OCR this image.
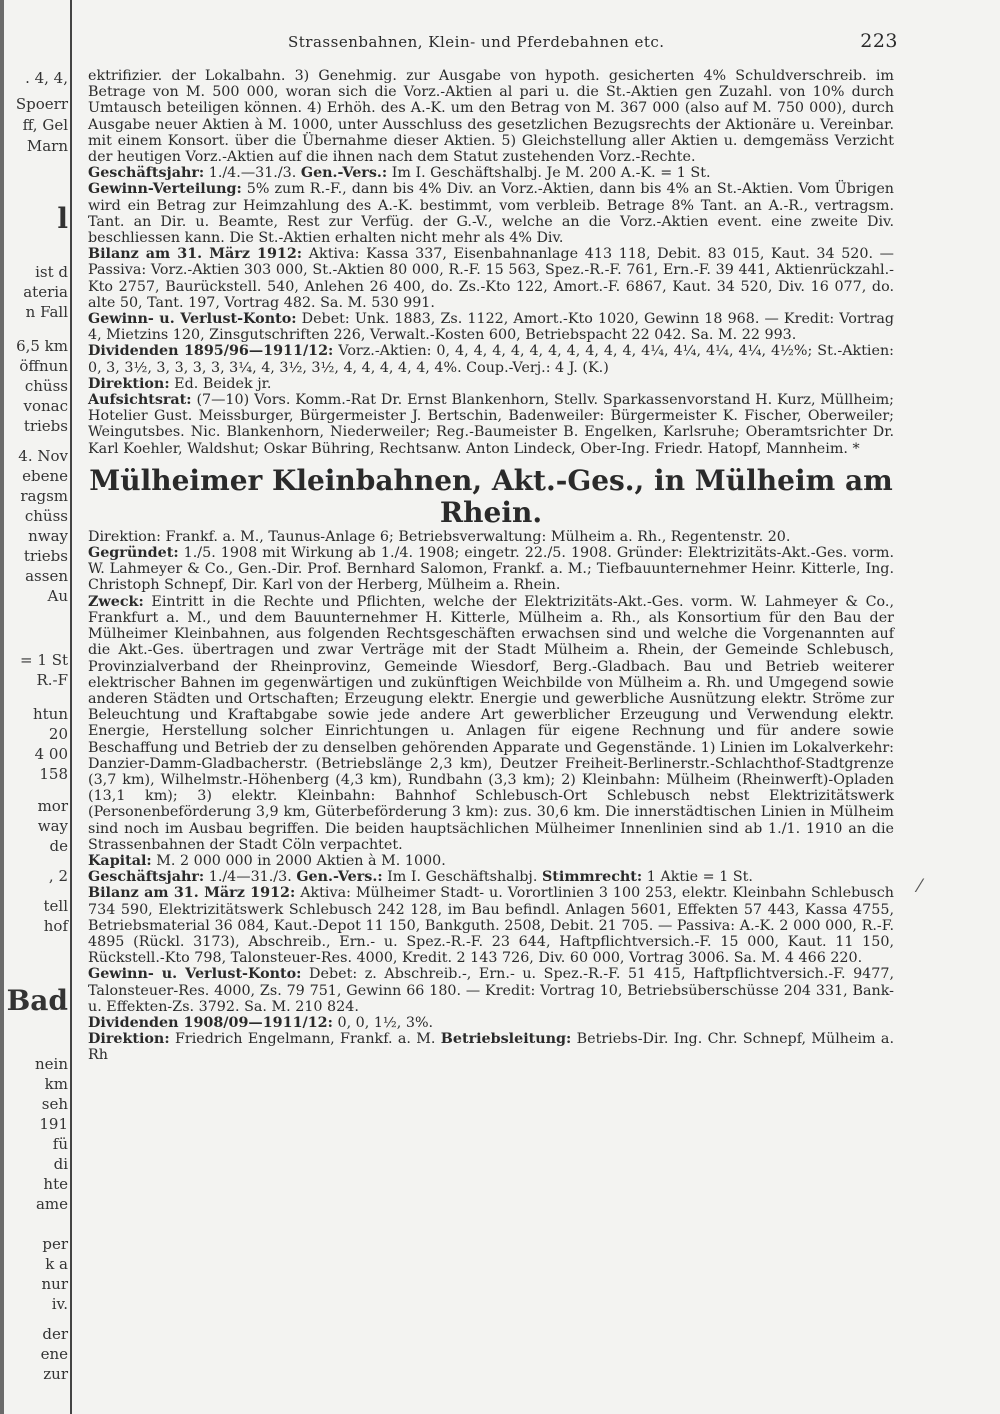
. 4, 4,
Spoerr
ff, Gel
Marn
l
ist d
ateria
n Fall
6,5 km
öffnun
chüss
vonac
triebs
4. Nov
ebene
ragsm
chüss
nway
triebs
assen
Au
= 1 St
R.-F
htun
20
4 00
158
mor
way
de
, 2
tell
hof
Bad
nein
km
seh
191
fü
di
hte
ame
per
k a
nur
iv.
der
ene
zur
Strassenbahnen, Klein- und Pferdebahnen etc.	223

ektrifizier. der Lokalbahn. 3) Genehmig. zur Ausgabe von hypoth. gesicherten 4% Schuldverschreib. im Betrage von M. 500 000, woran sich die Vorz.-Aktien al pari u. die St.-Aktien gen Zuzahl. von 10% durch Umtausch beteiligen können. 4) Erhöh. des A.-K. um den Betrag von M. 367 000 (also auf M. 750 000), durch Ausgabe neuer Aktien à M. 1000, unter Ausschluss des gesetzlichen Bezugsrechts der Aktionäre u. Vereinbar. mit einem Konsort. über die Übernahme dieser Aktien. 5) Gleichstellung aller Aktien u. demgemäss Verzicht der heutigen Vorz.-Aktien auf die ihnen nach dem Statut zustehenden Vorz.-Rechte.

Geschäftsjahr: 1./4.—31./3. Gen.-Vers.: Im I. Geschäftshalbj. Je M. 200 A.-K. = 1 St.

Gewinn-Verteilung: 5% zum R.-F., dann bis 4% Div. an Vorz.-Aktien, dann bis 4% an St.-Aktien. Vom Übrigen wird ein Betrag zur Heimzahlung des A.-K. bestimmt, vom verbleib. Betrage 8% Tant. an A.-R., vertragsm. Tant. an Dir. u. Beamte, Rest zur Verfüg. der G.-V., welche an die Vorz.-Aktien event. eine zweite Div. beschliessen kann. Die St.-Aktien erhalten nicht mehr als 4% Div.

Bilanz am 31. März 1912: Aktiva: Kassa 337, Eisenbahnanlage 413 118, Debit. 83 015, Kaut. 34 520. — Passiva: Vorz.-Aktien 303 000, St.-Aktien 80 000, R.-F. 15 563, Spez.-R.-F. 761, Ern.-F. 39 441, Aktienrückzahl.-Kto 2757, Baurückstell. 540, Anlehen 26 400, do. Zs.-Kto 122, Amort.-F. 6867, Kaut. 34 520, Div. 16 077, do. alte 50, Tant. 197, Vortrag 482. Sa. M. 530 991.

Gewinn- u. Verlust-Konto: Debet: Unk. 1883, Zs. 1122, Amort.-Kto 1020, Gewinn 18 968. — Kredit: Vortrag 4, Mietzins 120, Zinsgutschriften 226, Verwalt.-Kosten 600, Betriebspacht 22 042. Sa. M. 22 993.

Dividenden 1895/96—1911/12: Vorz.-Aktien: 0, 4, 4, 4, 4, 4, 4, 4, 4, 4, 4, 4¼, 4¼, 4¼, 4¼, 4½%; St.-Aktien: 0, 3, 3½, 3, 3, 3, 3, 3¼, 4, 3½, 3½, 4, 4, 4, 4, 4, 4%. Coup.-Verj.: 4 J. (K.)

Direktion: Ed. Beidek jr.

Aufsichtsrat: (7—10) Vors. Komm.-Rat Dr. Ernst Blankenhorn, Stellv. Sparkassenvorstand H. Kurz, Müllheim; Hotelier Gust. Meissburger, Bürgermeister J. Bertschin, Badenweiler: Bürgermeister K. Fischer, Oberweiler; Weingutsbes. Nic. Blankenhorn, Niederweiler; Reg.-Baumeister B. Engelken, Karlsruhe; Oberamtsrichter Dr. Karl Koehler, Waldshut; Oskar Bühring, Rechtsanw. Anton Lindeck, Ober-Ing. Friedr. Hatopf, Mannheim. *

Mülheimer Kleinbahnen, Akt.-Ges., in Mülheim am Rhein.

Direktion: Frankf. a. M., Taunus-Anlage 6; Betriebsverwaltung: Mülheim a. Rh., Regentenstr. 20.

Gegründet: 1./5. 1908 mit Wirkung ab 1./4. 1908; eingetr. 22./5. 1908. Gründer: Elektrizitäts-Akt.-Ges. vorm. W. Lahmeyer & Co., Gen.-Dir. Prof. Bernhard Salomon, Frankf. a. M.; Tiefbauunternehmer Heinr. Kitterle, Ing. Christoph Schnepf, Dir. Karl von der Herberg, Mülheim a. Rhein.

Zweck: Eintritt in die Rechte und Pflichten, welche der Elektrizitäts-Akt.-Ges. vorm. W. Lahmeyer & Co., Frankfurt a. M., und dem Bauunternehmer H. Kitterle, Mülheim a. Rh., als Konsortium für den Bau der Mülheimer Kleinbahnen, aus folgenden Rechtsgeschäften erwachsen sind und welche die Vorgenannten auf die Akt.-Ges. übertragen und zwar Verträge mit der Stadt Mülheim a. Rhein, der Gemeinde Schlebusch, Provinzialverband der Rheinprovinz, Gemeinde Wiesdorf, Berg.-Gladbach. Bau und Betrieb weiterer elektrischer Bahnen im gegenwärtigen und zukünftigen Weichbilde von Mülheim a. Rh. und Umgegend sowie anderen Städten und Ortschaften; Erzeugung elektr. Energie und gewerbliche Ausnützung elektr. Ströme zur Beleuchtung und Kraftabgabe sowie jede andere Art gewerblicher Erzeugung und Verwendung elektr. Energie, Herstellung solcher Einrichtungen u. Anlagen für eigene Rechnung und für andere sowie Beschaffung und Betrieb der zu denselben gehörenden Apparate und Gegenstände. 1) Linien im Lokalverkehr: Danzier-Damm-Gladbacherstr. (Betriebslänge 2,3 km), Deutzer Freiheit-Berlinerstr.-Schlachthof-Stadtgrenze (3,7 km), Wilhelmstr.-Höhenberg (4,3 km), Rundbahn (3,3 km); 2) Kleinbahn: Mülheim (Rheinwerft)-Opladen (13,1 km); 3) elektr. Kleinbahn: Bahnhof Schlebusch-Ort Schlebusch nebst Elektrizitätswerk (Personenbeförderung 3,9 km, Güterbeförderung 3 km): zus. 30,6 km. Die innerstädtischen Linien in Mülheim sind noch im Ausbau begriffen. Die beiden hauptsächlichen Mülheimer Innenlinien sind ab 1./1. 1910 an die Strassenbahnen der Stadt Cöln verpachtet.

Kapital: M. 2 000 000 in 2000 Aktien à M. 1000.

Geschäftsjahr: 1./4—31./3. Gen.-Vers.: Im I. Geschäftshalbj. Stimmrecht: 1 Aktie = 1 St.

Bilanz am 31. März 1912: Aktiva: Mülheimer Stadt- u. Vorortlinien 3 100 253, elektr. Kleinbahn Schlebusch 734 590, Elektrizitätswerk Schlebusch 242 128, im Bau befindl. Anlagen 5601, Effekten 57 443, Kassa 4755, Betriebsmaterial 36 084, Kaut.-Depot 11 150, Bankguth. 2508, Debit. 21 705. — Passiva: A.-K. 2 000 000, R.-F. 4895 (Rückl. 3173), Abschreib., Ern.- u. Spez.-R.-F. 23 644, Haftpflichtversich.-F. 15 000, Kaut. 11 150, Rückstell.-Kto 798, Talonsteuer-Res. 4000, Kredit. 2 143 726, Div. 60 000, Vortrag 3006. Sa. M. 4 466 220.

Gewinn- u. Verlust-Konto: Debet: z. Abschreib.-, Ern.- u. Spez.-R.-F. 51 415, Haftpflichtversich.-F. 9477, Talonsteuer-Res. 4000, Zs. 79 751, Gewinn 66 180. — Kredit: Vortrag 10, Betriebsüberschüsse 204 331, Bank- u. Effekten-Zs. 3792. Sa. M. 210 824.

Dividenden 1908/09—1911/12: 0, 0, 1½, 3%.

Direktion: Friedrich Engelmann, Frankf. a. M. Betriebsleitung: Betriebs-Dir. Ing. Chr. Schnepf, Mülheim a. Rh

⁄
